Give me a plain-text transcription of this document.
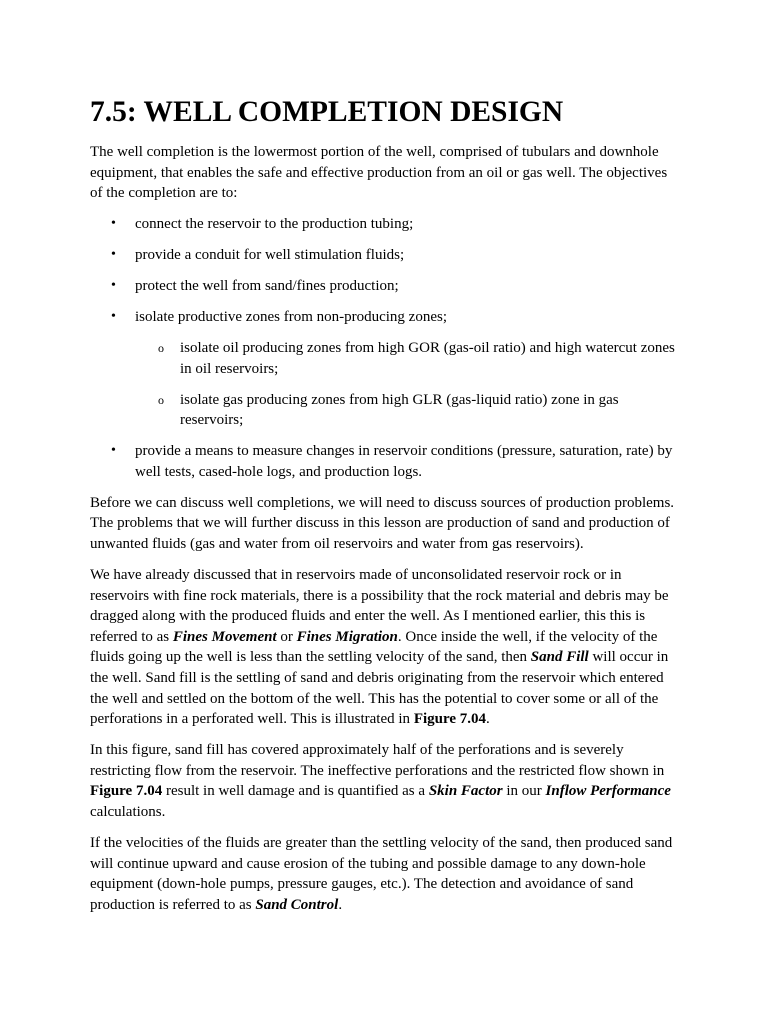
7.5: WELL COMPLETION DESIGN

The well completion is the lowermost portion of the well, comprised of tubulars and downhole equipment, that enables the safe and effective production from an oil or gas well. The objectives of the completion are to:

• connect the reservoir to the production tubing;
• provide a conduit for well stimulation fluids;
• protect the well from sand/fines production;
• isolate productive zones from non-producing zones;
o isolate oil producing zones from high GOR (gas-oil ratio) and high watercut zones in oil reservoirs;
o isolate gas producing zones from high GLR (gas-liquid ratio) zone in gas reservoirs;
• provide a means to measure changes in reservoir conditions (pressure, saturation, rate) by well tests, cased-hole logs, and production logs.

Before we can discuss well completions, we will need to discuss sources of production problems. The problems that we will further discuss in this lesson are production of sand and production of unwanted fluids (gas and water from oil reservoirs and water from gas reservoirs).

We have already discussed that in reservoirs made of unconsolidated reservoir rock or in reservoirs with fine rock materials, there is a possibility that the rock material and debris may be dragged along with the produced fluids and enter the well. As I mentioned earlier, this this is referred to as Fines Movement or Fines Migration. Once inside the well, if the velocity of the fluids going up the well is less than the settling velocity of the sand, then Sand Fill will occur in the well. Sand fill is the settling of sand and debris originating from the reservoir which entered the well and settled on the bottom of the well. This has the potential to cover some or all of the perforations in a perforated well. This is illustrated in Figure 7.04.

In this figure, sand fill has covered approximately half of the perforations and is severely restricting flow from the reservoir. The ineffective perforations and the restricted flow shown in Figure 7.04 result in well damage and is quantified as a Skin Factor in our Inflow Performance calculations.

If the velocities of the fluids are greater than the settling velocity of the sand, then produced sand will continue upward and cause erosion of the tubing and possible damage to any down-hole equipment (down-hole pumps, pressure gauges, etc.). The detection and avoidance of sand production is referred to as Sand Control.
